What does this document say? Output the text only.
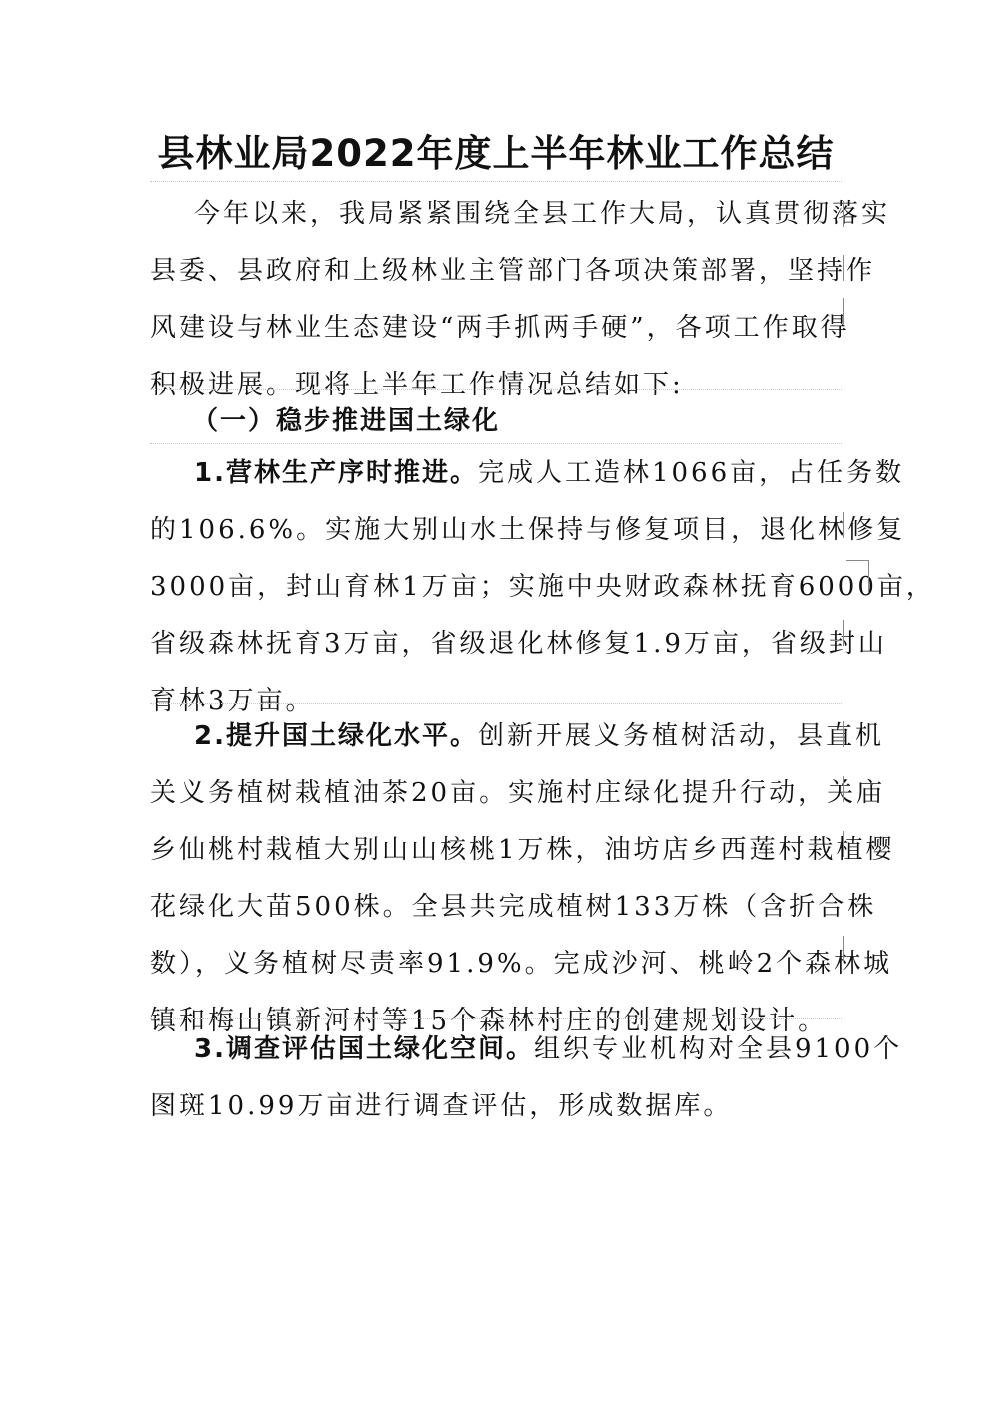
县林业局2022年度上半年林业工作总结
今年以来，我局紧紧围绕全县工作大局，认真贯彻落实
县委、县政府和上级林业主管部门各项决策部署，坚持作
风建设与林业生态建设“两手抓两手硬”，各项工作取得
积极进展。现将上半年工作情况总结如下:
（一）稳步推进国土绿化
1.营林生产序时推进。完成人工造林1066亩，占任务数
的106.6%。实施大别山水土保持与修复项目，退化林修复
3000亩，封山育林1万亩；实施中央财政森林抚育6000亩，
省级森林抚育3万亩，省级退化林修复1.9万亩，省级封山
育林3万亩。
2.提升国土绿化水平。创新开展义务植树活动，县直机
关义务植树栽植油茶20亩。实施村庄绿化提升行动，关庙
乡仙桃村栽植大别山山核桃1万株，油坊店乡西莲村栽植樱
花绿化大苗500株。全县共完成植树133万株（含折合株
数），义务植树尽责率91.9%。完成沙河、桃岭2个森林城
镇和梅山镇新河村等15个森林村庄的创建规划设计。
3.调查评估国土绿化空间。组织专业机构对全县9100个
图斑10.99万亩进行调查评估，形成数据库。
